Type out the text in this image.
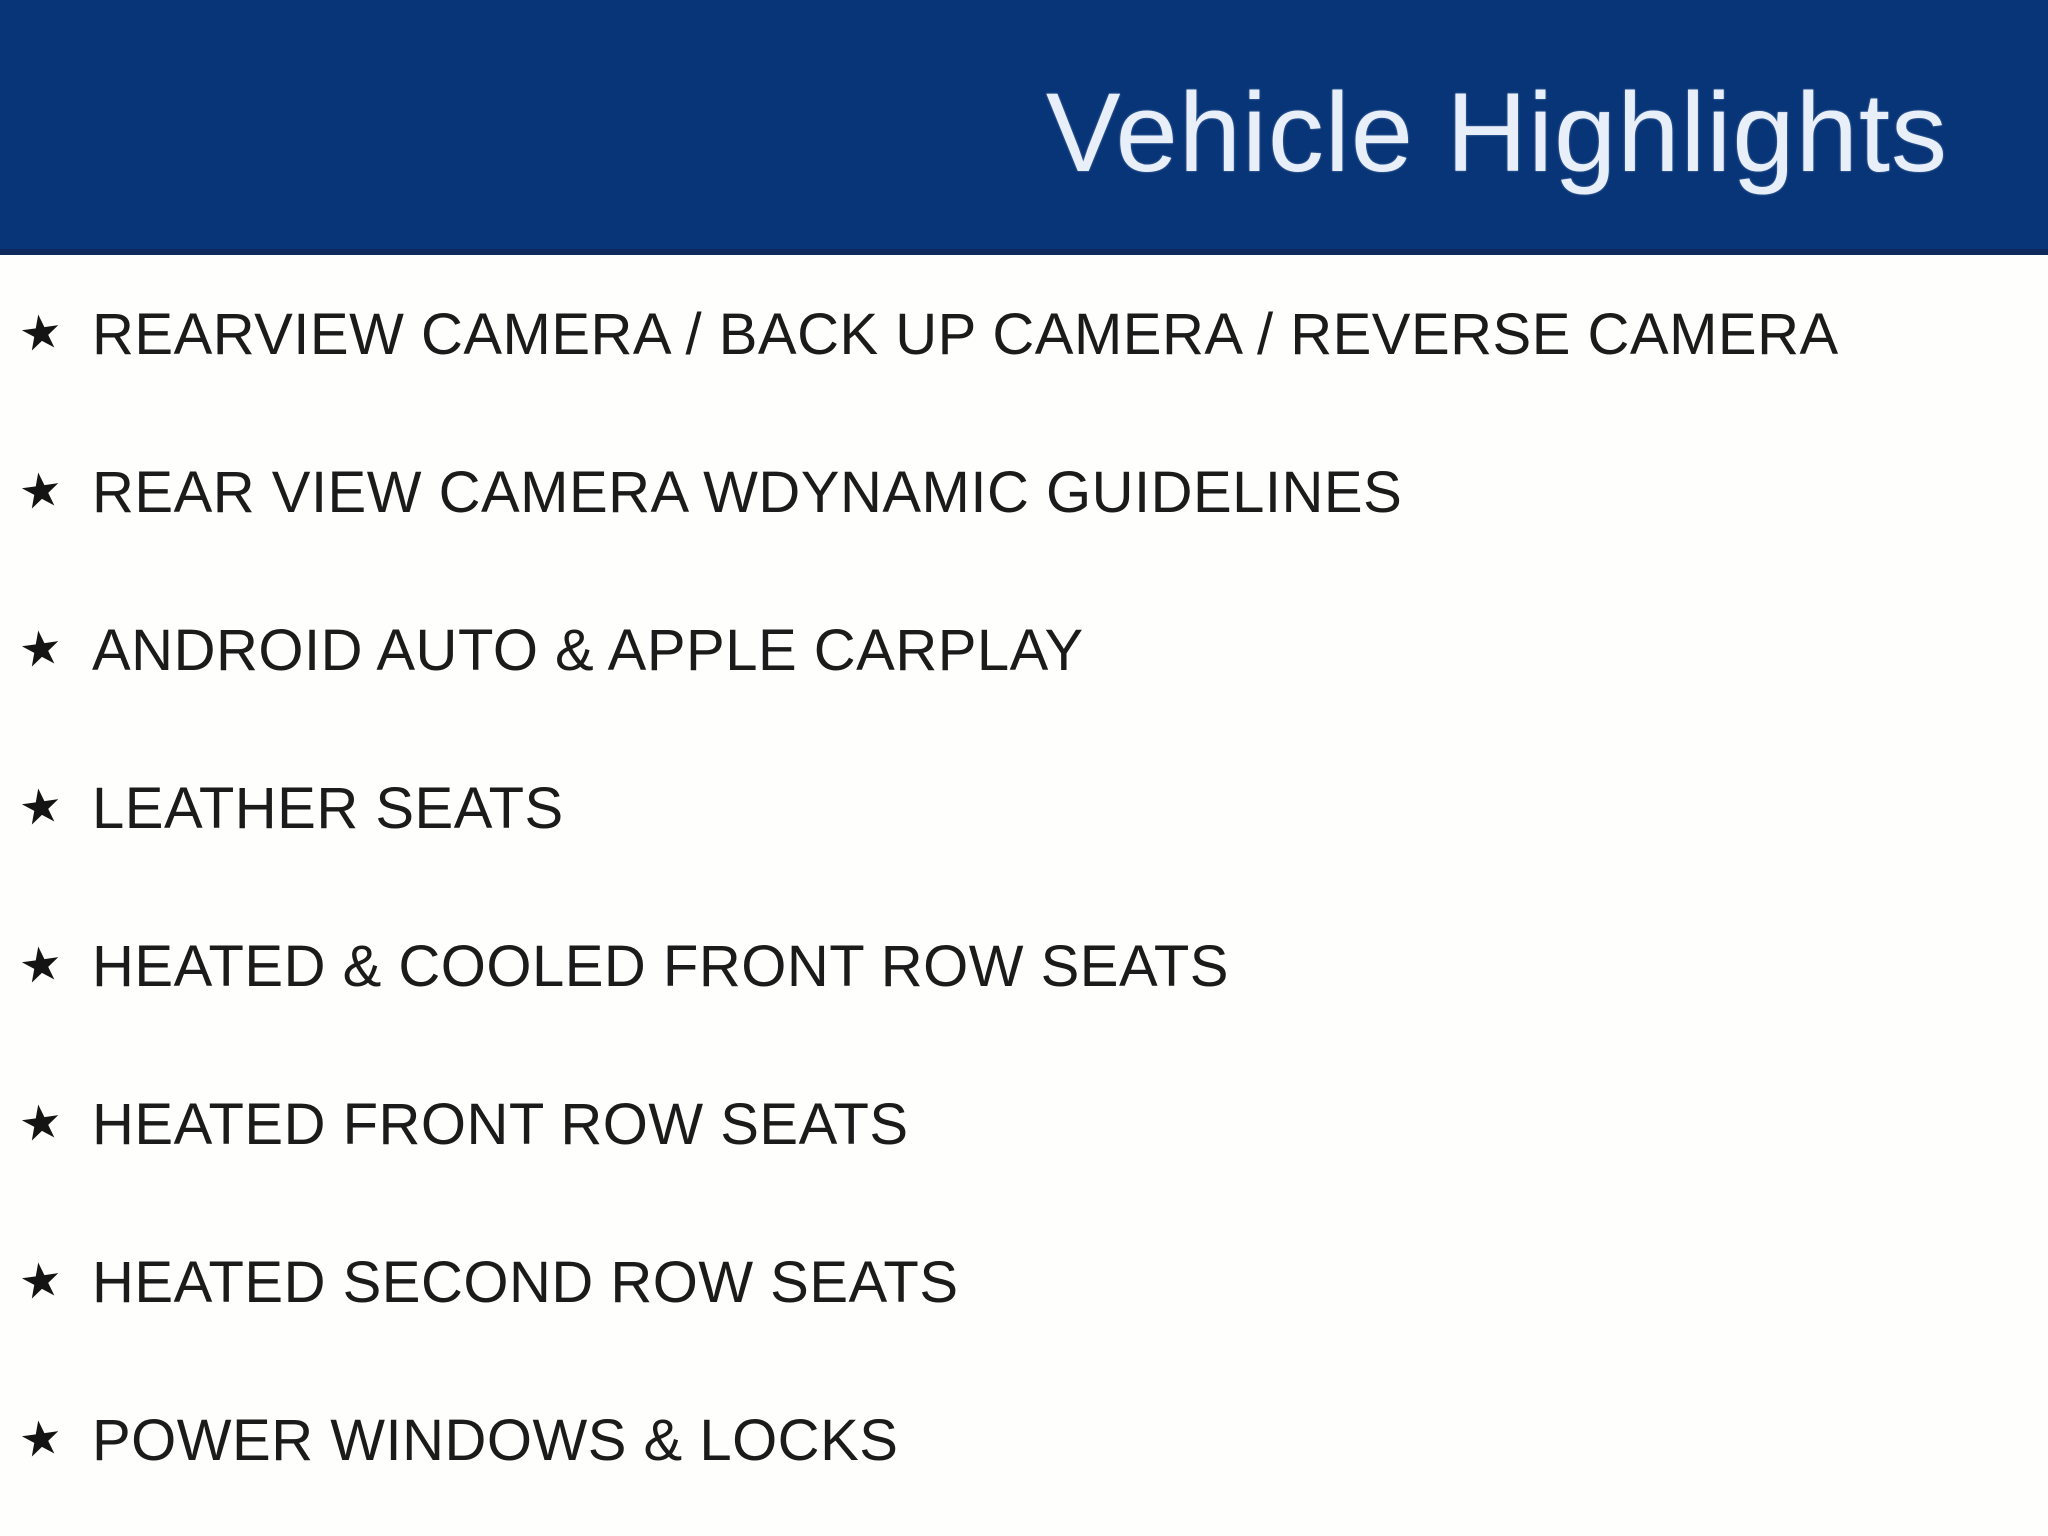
Vehicle Highlights
★ REARVIEW CAMERA / BACK UP CAMERA / REVERSE CAMERA
★ REAR VIEW CAMERA WDYNAMIC GUIDELINES
★ ANDROID AUTO & APPLE CARPLAY
★ LEATHER SEATS
★ HEATED & COOLED FRONT ROW SEATS
★ HEATED FRONT ROW SEATS
★ HEATED SECOND ROW SEATS
★ POWER WINDOWS & LOCKS
